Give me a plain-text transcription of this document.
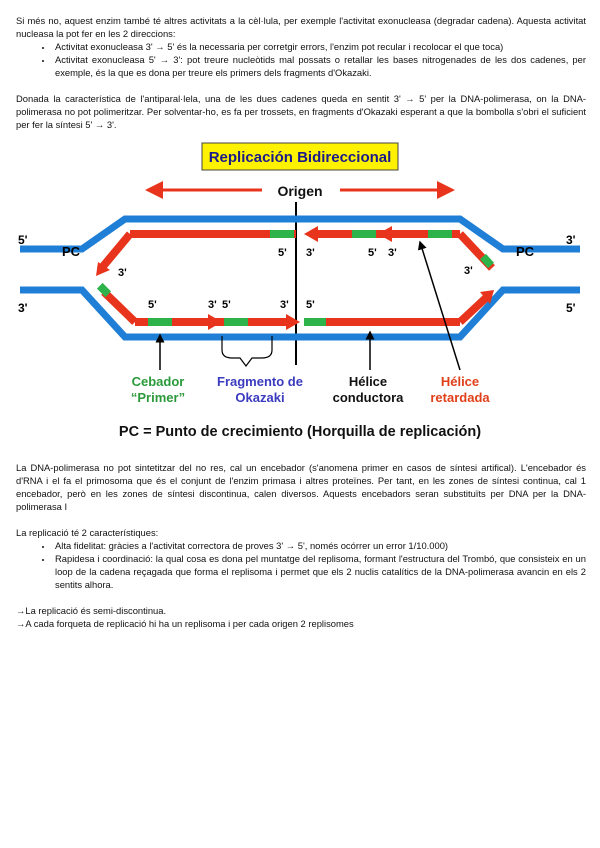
Si més no, aquest enzim també té altres activitats a la cèl·lula, per exemple l'activitat exonucleasa (degradar cadena). Aquesta activitat nucleasa la pot fer en les 2 direccions:

• Activitat exonucleasa 3' → 5' és la necessaria per corretgir errors, l'enzim pot recular i recolocar el que toca)
• Activitat exonucleasa 5' → 3': pot treure nucleòtids mal possats o retallar les bases nitrogenades de les dos cadenes, per exemple, és la que es dona per treure els primers dels fragments d'Okazaki.

Donada la característica de l'antiparal·lela, una de les dues cadenes queda en sentit 3' → 5' per la DNA-polimerasa, on la DNA-polimerasa no pot polimeritzar. Per solventar-ho, es fa per trossets, en fragments d'Okazaki esperant a que la bombolla s'obri el suficient per fer la síntesi 5' → 3'.

Replicación Bidireccional
Origen
5'
3'
3'
5'
PC	PC
3'
5' 3'	5' 3'
3'
5'	3' 5'	3' 5'
Cebador
“Primer”
Fragmento de
Okazaki
Hélice
conductora
Hélice
retardada
PC = Punto de crecimiento (Horquilla de replicación)

La DNA-polimerasa no pot sintetitzar del no res, cal un encebador (s'anomena primer en casos de síntesi artifical). L'encebador és d'RNA i el fa el primosoma que és el conjunt de l'enzim primasa i altres proteïnes. Per tant, en les zones de síntesi continua, cal 1 encebador, però en les zones de síntesi discontinua, calen diversos. Aquests encebadors seran substituïts per DNA per la DNA-polimerasa I

La replicació té 2 característiques:

• Alta fidelitat: gràcies a l'activitat correctora de proves 3' → 5', només ocórrer un error 1/10.000)
• Rapidesa i coordinació: la qual cosa es dona pel muntatge del replisoma, formant l'estructura del Trombó, que consisteix en un loop de la cadena reçagada que forma el replisoma i permet que els 2 nuclis catalítics de la DNA-polimerasa avancin en els 2 sentits alhora.

→La replicació és semi-discontinua.

→A cada forqueta de replicació hi ha un replisoma i per cada origen 2 replisomes
